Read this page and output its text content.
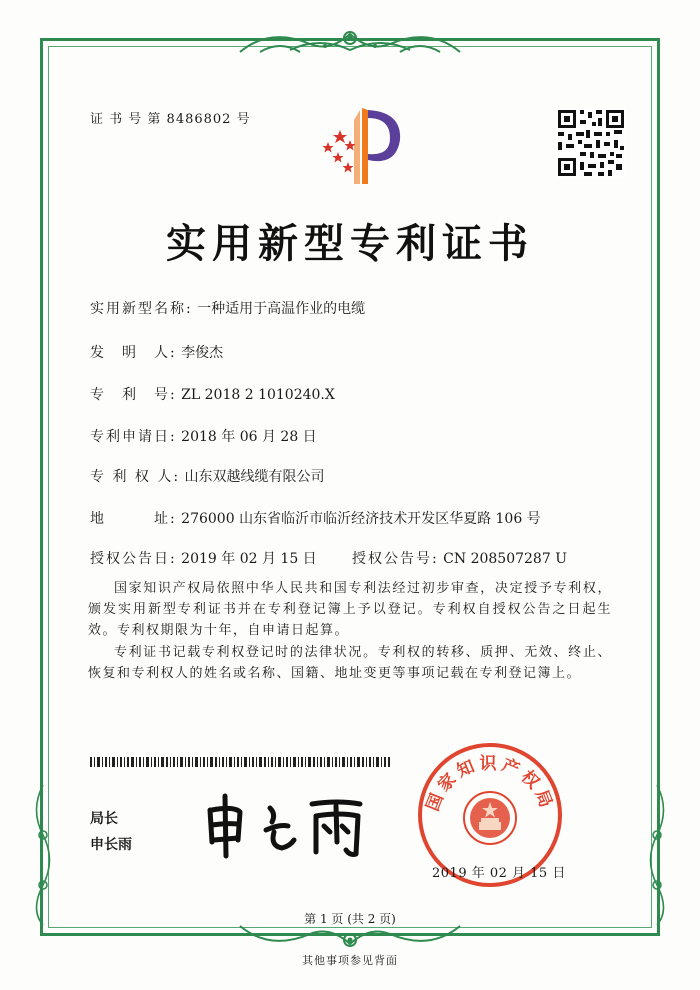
证 书 号 第 8486802 号
实用新型专利证书
实用新型名称: 一种适用于高温作业的电缆
发　明　人: 李俊杰
专　利　号: ZL 2018 2 1010240.X
专利申请日: 2018 年 06 月 28 日
专 利 权 人: 山东双越线缆有限公司
地　　　址: 276000 山东省临沂市临沂经济技术开发区华夏路 106 号
授权公告日: 2019 年 02 月 15 日	授权公告号: CN 208507287 U
国家知识产权局依照中华人民共和国专利法经过初步审查，决定授予专利权，颁发实用新型专利证书并在专利登记簿上予以登记。专利权自授权公告之日起生效。专利权期限为十年，自申请日起算。
专利证书记载专利权登记时的法律状况。专利权的转移、质押、无效、终止、恢复和专利权人的姓名或名称、国籍、地址变更等事项记载在专利登记簿上。
局长
申长雨
国家知识产权局
2019 年 02 月 15 日
第 1 页 (共 2 页)
其他事项参见背面
